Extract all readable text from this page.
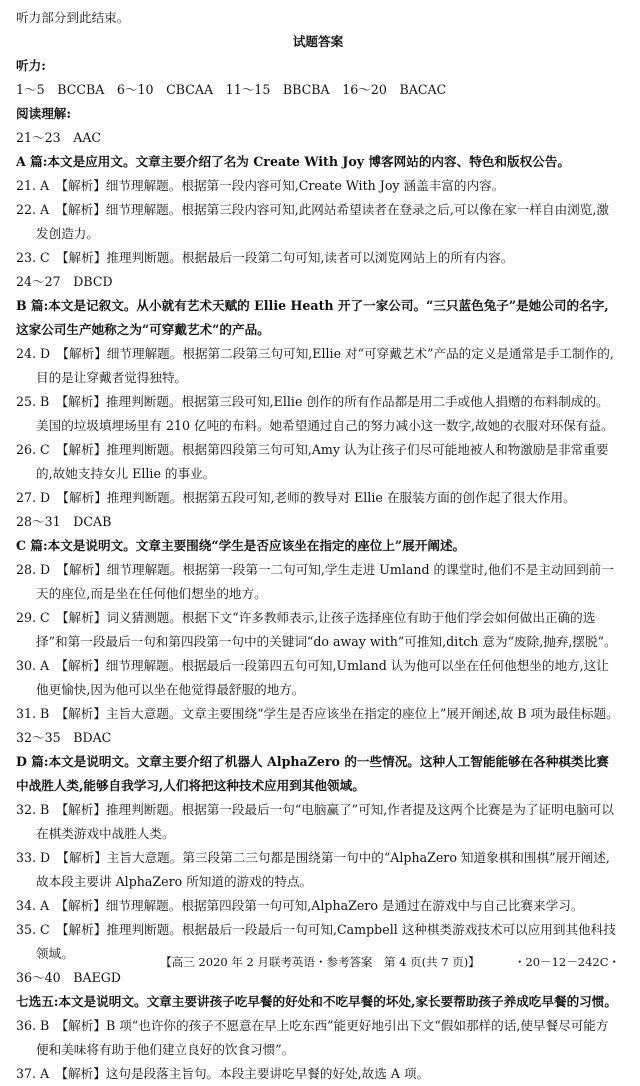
听力部分到此结束。
试题答案
听力:
1～5　BCCBA　6～10　CBCAA　11～15　BBCBA　16～20　BACAC
阅读理解:
21～23　AAC
A 篇:本文是应用文。文章主要介绍了名为 Create With Joy 博客网站的内容、特色和版权公告。
21. A　【解析】细节理解题。根据第一段内容可知,Create With Joy 涵盖丰富的内容。
22. A　【解析】细节理解题。根据第三段内容可知,此网站希望读者在登录之后,可以像在家一样自由浏览,激发创造力。
23. C　【解析】推理判断题。根据最后一段第二句可知,读者可以浏览网站上的所有内容。
24～27　DBCD
B 篇:本文是记叙文。从小就有艺术天赋的 Ellie Heath 开了一家公司。“三只蓝色兔子”是她公司的名字,这家公司生产她称之为“可穿戴艺术”的产品。
24. D　【解析】细节理解题。根据第二段第三句可知,Ellie 对“可穿戴艺术”产品的定义是通常是手工制作的,目的是让穿戴者觉得独特。
25. B　【解析】推理判断题。根据第三段可知,Ellie 创作的所有作品都是用二手或他人捐赠的布料制成的。美国的垃圾填埋场里有 210 亿吨的布料。她希望通过自己的努力减小这一数字,故她的衣服对环保有益。
26. C　【解析】推理判断题。根据第四段第三句可知,Amy 认为让孩子们尽可能地被人和物激励是非常重要的,故她支持女儿 Ellie 的事业。
27. D　【解析】推理判断题。根据第五段可知,老师的教导对 Ellie 在服装方面的创作起了很大作用。
28～31　DCAB
C 篇:本文是说明文。文章主要围绕“学生是否应该坐在指定的座位上”展开阐述。
28. D　【解析】细节理解题。根据第一段第一二句可知,学生走进 Umland 的课堂时,他们不是主动回到前一天的座位,而是坐在任何他们想坐的地方。
29. C　【解析】词义猜测题。根据下文“许多教师表示,让孩子选择座位有助于他们学会如何做出正确的选择”和第一段最后一句和第四段第一句中的关键词“do away with”可推知,ditch 意为“废除,抛弃,摆脱”。
30. A　【解析】细节理解题。根据最后一段第四五句可知,Umland 认为他可以坐在任何他想坐的地方,这让他更愉快,因为他可以坐在他觉得最舒服的地方。
31. B　【解析】主旨大意题。文章主要围绕“学生是否应该坐在指定的座位上”展开阐述,故 B 项为最佳标题。
32～35　BDAC
D 篇:本文是说明文。文章主要介绍了机器人 AlphaZero 的一些情况。这种人工智能能够在各种棋类比赛中战胜人类,能够自我学习,人们将把这种技术应用到其他领域。
32. B　【解析】推理判断题。根据第一段最后一句“电脑赢了”可知,作者提及这两个比赛是为了证明电脑可以在棋类游戏中战胜人类。
33. D　【解析】主旨大意题。第三段第二三句都是围绕第一句中的“AlphaZero 知道象棋和围棋”展开阐述,故本段主要讲 AlphaZero 所知道的游戏的特点。
34. A　【解析】细节理解题。根据第四段第一句可知,AlphaZero 是通过在游戏中与自己比赛来学习。
35. C　【解析】推理判断题。根据最后一段最后一句可知,Campbell 这种棋类游戏技术可以应用到其他科技领域。
36～40　BAEGD
七选五:本文是说明文。文章主要讲孩子吃早餐的好处和不吃早餐的坏处,家长要帮助孩子养成吃早餐的习惯。
36. B　【解析】B 项“也许你的孩子不愿意在早上吃东西”能更好地引出下文“假如那样的话,使早餐尽可能方便和美味将有助于他们建立良好的饮食习惯”。
37. A　【解析】这句是段落主旨句。本段主要讲吃早餐的好处,故选 A 项。
【高三 2020 年 2 月联考英语・参考答案　第 4 页(共 7 页)】	・20－12－242C・
